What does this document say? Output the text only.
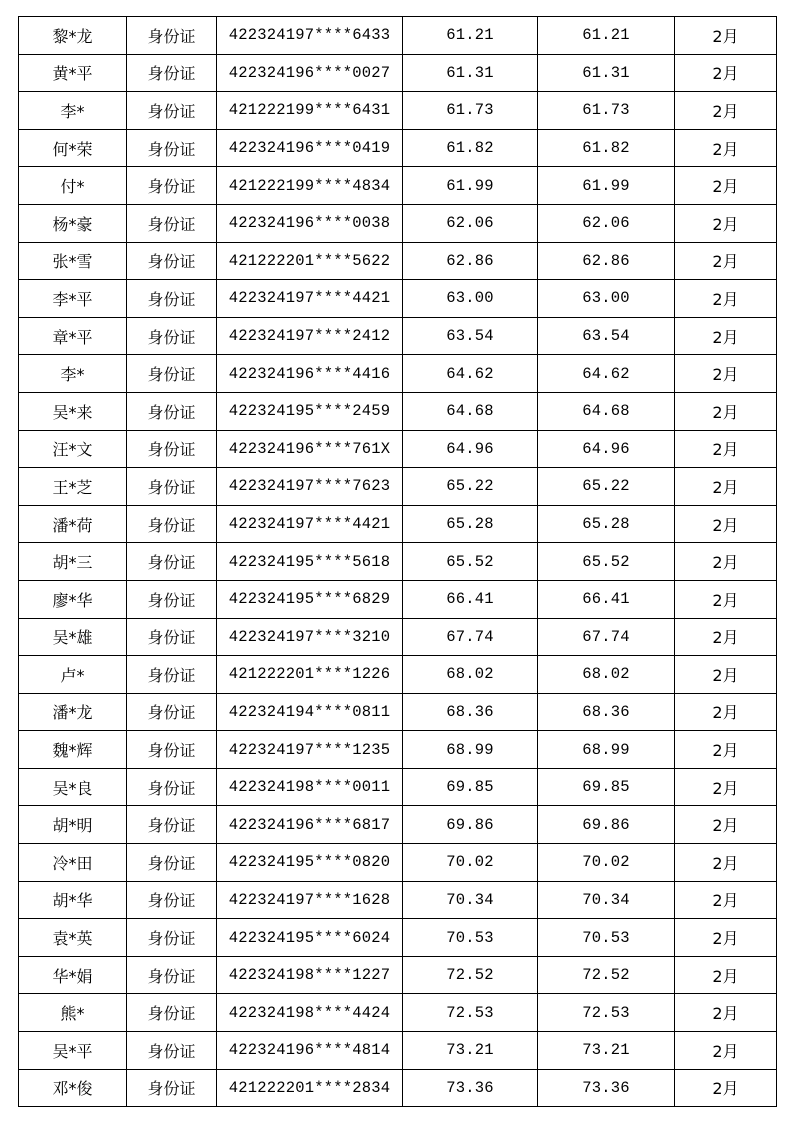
黎*龙	身份证	422324197****6433	61.21	61.21	2月
黄*平	身份证	422324196****0027	61.31	61.31	2月
李*	身份证	421222199****6431	61.73	61.73	2月
何*荣	身份证	422324196****0419	61.82	61.82	2月
付*	身份证	421222199****4834	61.99	61.99	2月
杨*豪	身份证	422324196****0038	62.06	62.06	2月
张*雪	身份证	421222201****5622	62.86	62.86	2月
李*平	身份证	422324197****4421	63.00	63.00	2月
章*平	身份证	422324197****2412	63.54	63.54	2月
李*	身份证	422324196****4416	64.62	64.62	2月
吴*来	身份证	422324195****2459	64.68	64.68	2月
汪*文	身份证	422324196****761X	64.96	64.96	2月
王*芝	身份证	422324197****7623	65.22	65.22	2月
潘*荷	身份证	422324197****4421	65.28	65.28	2月
胡*三	身份证	422324195****5618	65.52	65.52	2月
廖*华	身份证	422324195****6829	66.41	66.41	2月
吴*雄	身份证	422324197****3210	67.74	67.74	2月
卢*	身份证	421222201****1226	68.02	68.02	2月
潘*龙	身份证	422324194****0811	68.36	68.36	2月
魏*辉	身份证	422324197****1235	68.99	68.99	2月
吴*良	身份证	422324198****0011	69.85	69.85	2月
胡*明	身份证	422324196****6817	69.86	69.86	2月
冷*田	身份证	422324195****0820	70.02	70.02	2月
胡*华	身份证	422324197****1628	70.34	70.34	2月
袁*英	身份证	422324195****6024	70.53	70.53	2月
华*娟	身份证	422324198****1227	72.52	72.52	2月
熊*	身份证	422324198****4424	72.53	72.53	2月
吴*平	身份证	422324196****4814	73.21	73.21	2月
邓*俊	身份证	421222201****2834	73.36	73.36	2月
